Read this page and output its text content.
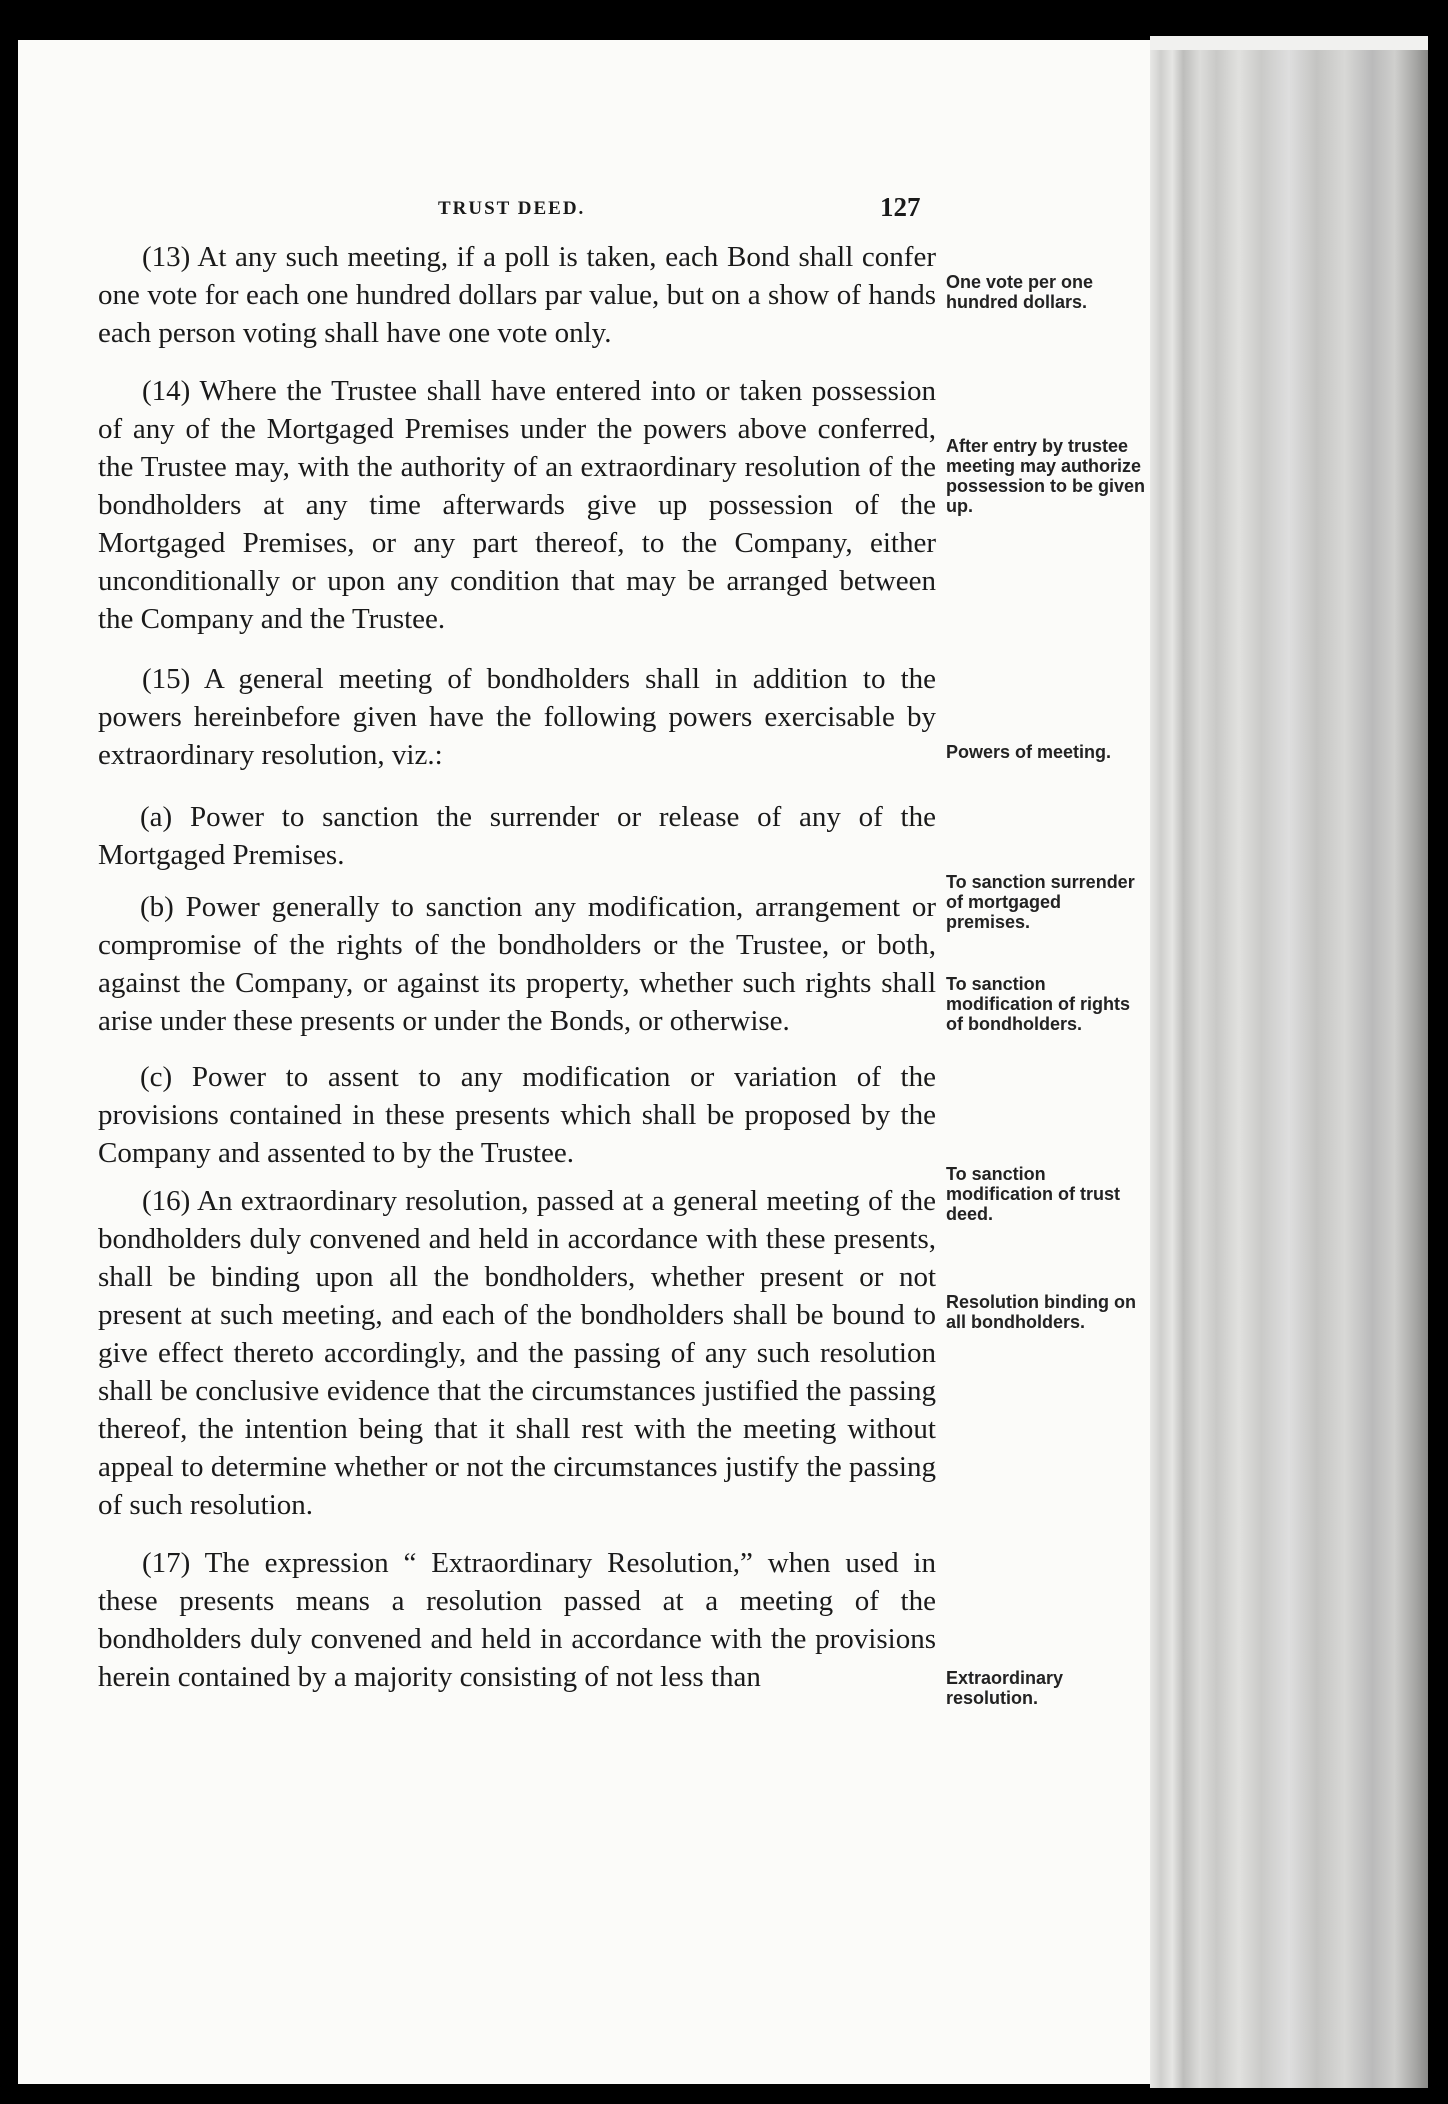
TRUST DEED.	127

(13) At any such meeting, if a poll is taken, each Bond shall confer one vote for each one hundred dollars par value, but on a show of hands each person voting shall have one vote only.

(14) Where the Trustee shall have entered into or taken possession of any of the Mortgaged Premises under the powers above conferred, the Trustee may, with the authority of an extraordinary resolution of the bondholders at any time afterwards give up possession of the Mortgaged Premises, or any part thereof, to the Company, either unconditionally or upon any condition that may be arranged between the Company and the Trustee.

(15) A general meeting of bondholders shall in addition to the powers hereinbefore given have the following powers exercisable by extraordinary resolution, viz.:

(a) Power to sanction the surrender or release of any of the Mortgaged Premises.

(b) Power generally to sanction any modification, arrangement or compromise of the rights of the bondholders or the Trustee, or both, against the Company, or against its property, whether such rights shall arise under these presents or under the Bonds, or otherwise.

(c) Power to assent to any modification or variation of the provisions contained in these presents which shall be proposed by the Company and assented to by the Trustee.

(16) An extraordinary resolution, passed at a general meeting of the bondholders duly convened and held in accordance with these presents, shall be binding upon all the bondholders, whether present or not present at such meeting, and each of the bondholders shall be bound to give effect thereto accordingly, and the passing of any such resolution shall be conclusive evidence that the circumstances justified the passing thereof, the intention being that it shall rest with the meeting without appeal to determine whether or not the circumstances justify the passing of such resolution.

(17) The expression “ Extraordinary Resolution,” when used in these presents means a resolution passed at a meeting of the bondholders duly convened and held in accordance with the provisions herein contained by a majority consisting of not less than

One vote per one hundred dollars.
After entry by trustee meeting may authorize possession to be given up.
Powers of meeting.
To sanction surrender of mortgaged premises.
To sanction modification of rights of bondholders.
To sanction modification of trust deed.
Resolution binding on all bondholders.
Extraordinary resolution.
